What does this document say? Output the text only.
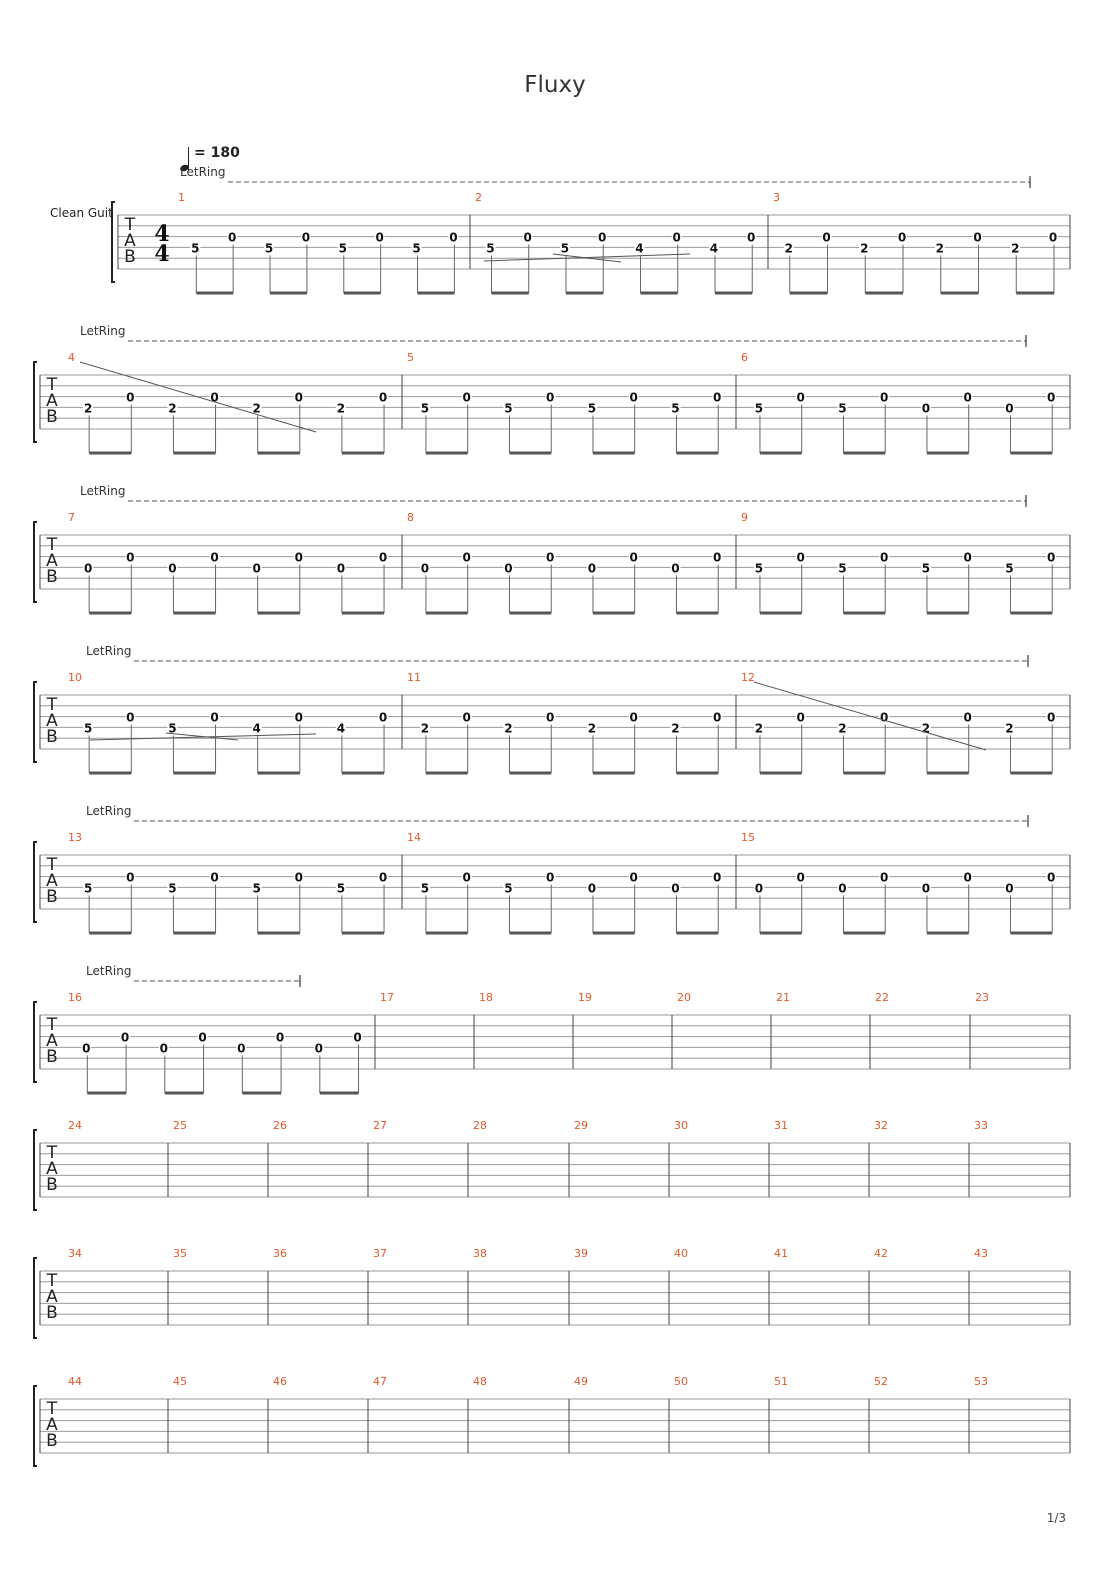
Fluxy
= 180
Clean Guit
T
A
B
4
4
LetRing
1
5
0
5
0
5
0
5
0
2
5
0
5
0
4
0
4
0
3
2
0
2
0
2
0
2
0
T
A
B
LetRing
4
2
0
2
0
2
0
2
0
5
5
0
5
0
5
0
5
0
6
5
0
5
0
0
0
0
0
T
A
B
LetRing
7
0
0
0
0
0
0
0
0
8
0
0
0
0
0
0
0
0
9
5
0
5
0
5
0
5
0
T
A
B
LetRing
10
5
0
5
0
4
0
4
0
11
2
0
2
0
2
0
2
0
12
2
0
2
0
2
0
2
0
T
A
B
LetRing
13
5
0
5
0
5
0
5
0
14
5
0
5
0
0
0
0
0
15
0
0
0
0
0
0
0
0
T
A
B
LetRing
16
0
0
0
0
0
0
0
0
17	18	19	20	21	22	23
T
A
B
24	25	26	27	28	29	30	31	32	33
T
A
B
34	35	36	37	38	39	40	41	42	43
T
A
B
44	45	46	47	48	49	50	51	52	53
1/3
